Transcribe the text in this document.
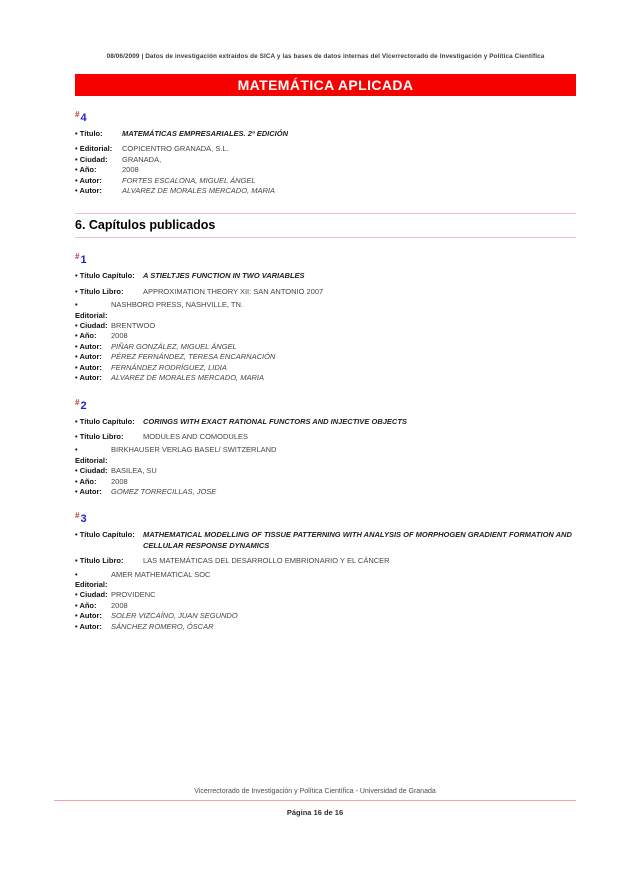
08/06/2009 | Datos de investigación extraídos de SICA y las bases de datos internas del Vicerrectorado de Investigación y Política Científica
MATEMÁTICA APLICADA
#4
• Título:	MATEMÁTICAS EMPRESARIALES. 2ª EDICIÓN
• Editorial:	COPICENTRO GRANADA, S.L.
• Ciudad:	GRANADA,
• Año:	2008
• Autor:	FORTES ESCALONA, MIGUEL ÁNGEL
• Autor:	ALVAREZ DE MORALES MERCADO, MARIA
6. Capítulos publicados
#1
• Título Capítulo:	A STIELTJES FUNCTION IN TWO VARIABLES
• Título Libro:	APPROXIMATION THEORY XII: SAN ANTONIO 2007
• Editorial:
NASHBORO PRESS, NASHVILLE, TN.
• Ciudad: BRENTWOO
• Año:	2008
• Autor:	PIÑAR GONZÁLEZ, MIGUEL ÁNGEL
• Autor:	PÉREZ FERNÁNDEZ, TERESA ENCARNACIÓN
• Autor:	FERNÁNDEZ RODRÍGUEZ, LIDIA
• Autor:	ALVAREZ DE MORALES MERCADO, MARIA
#2
• Título Capítulo:	CORINGS WITH EXACT RATIONAL FUNCTORS AND INJECTIVE OBJECTS
• Título Libro:	MODULES AND COMODULES
• Editorial:
BIRKHAUSER VERLAG BASEL/ SWITZERLAND
• Ciudad: BASILEA, SU
• Año:	2008
• Autor:	GOMEZ TORRECILLAS, JOSE
#3
• Título Capítulo:	MATHEMATICAL MODELLING OF TISSUE PATTERNING WITH ANALYSIS OF MORPHOGEN GRADIENT FORMATION AND CELLULAR RESPONSE DYNAMICS
• Título Libro:	LAS MATEMÁTICAS DEL DESARROLLO EMBRIONARIO Y EL CÁNCER
• Editorial:
AMER MATHEMATICAL SOC
• Ciudad: PROVIDENC
• Año:	2008
• Autor:	SOLER VIZCAÍNO, JUAN SEGUNDO
• Autor:	SÁNCHEZ ROMERO, ÓSCAR
Vicerrectorado de Investigación y Política Científica - Universidad de Granada
Página 16 de 16
